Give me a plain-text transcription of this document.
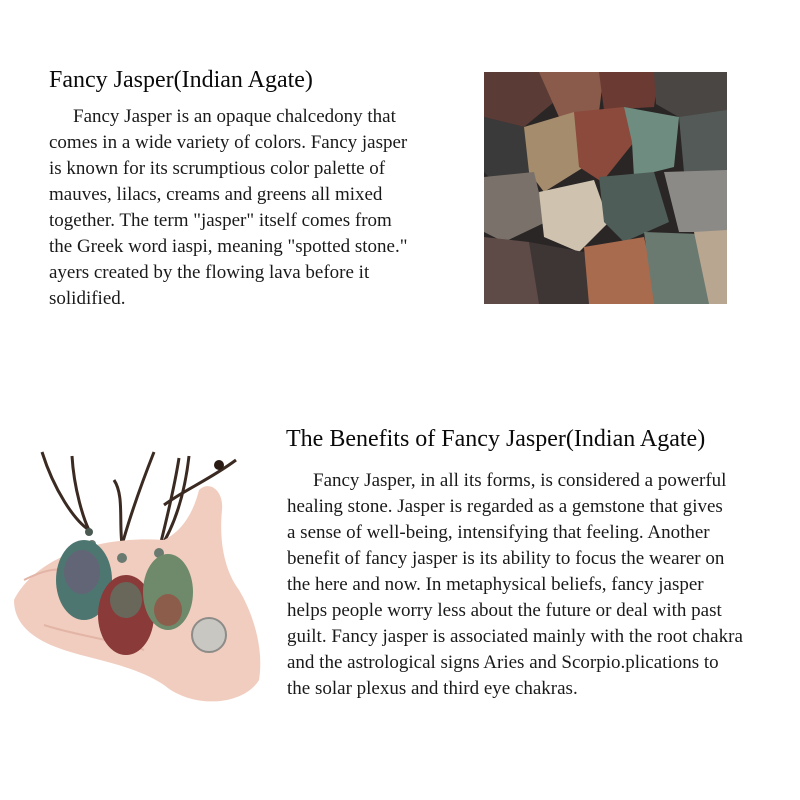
Fancy Jasper(Indian Agate)
Fancy Jasper is an opaque chalcedony that
comes in a wide variety of colors. Fancy jasper
is known for its scrumptious color palette of
mauves, lilacs, creams and greens all mixed
together. The term "jasper" itself comes from
the Greek word iaspi, meaning "spotted stone."
ayers created by the flowing lava before it
solidified.
The Benefits of Fancy Jasper(Indian Agate)
Fancy Jasper, in all its forms, is considered a powerful
healing stone. Jasper is regarded as a gemstone that gives
a sense of well-being, intensifying that feeling. Another
benefit of fancy jasper is its ability to focus the wearer on
the here and now. In metaphysical beliefs, fancy jasper
helps people worry less about the future or deal with past
guilt. Fancy jasper is associated mainly with the root chakra
and the astrological signs Aries and Scorpio.plications to
the solar plexus and third eye chakras.
